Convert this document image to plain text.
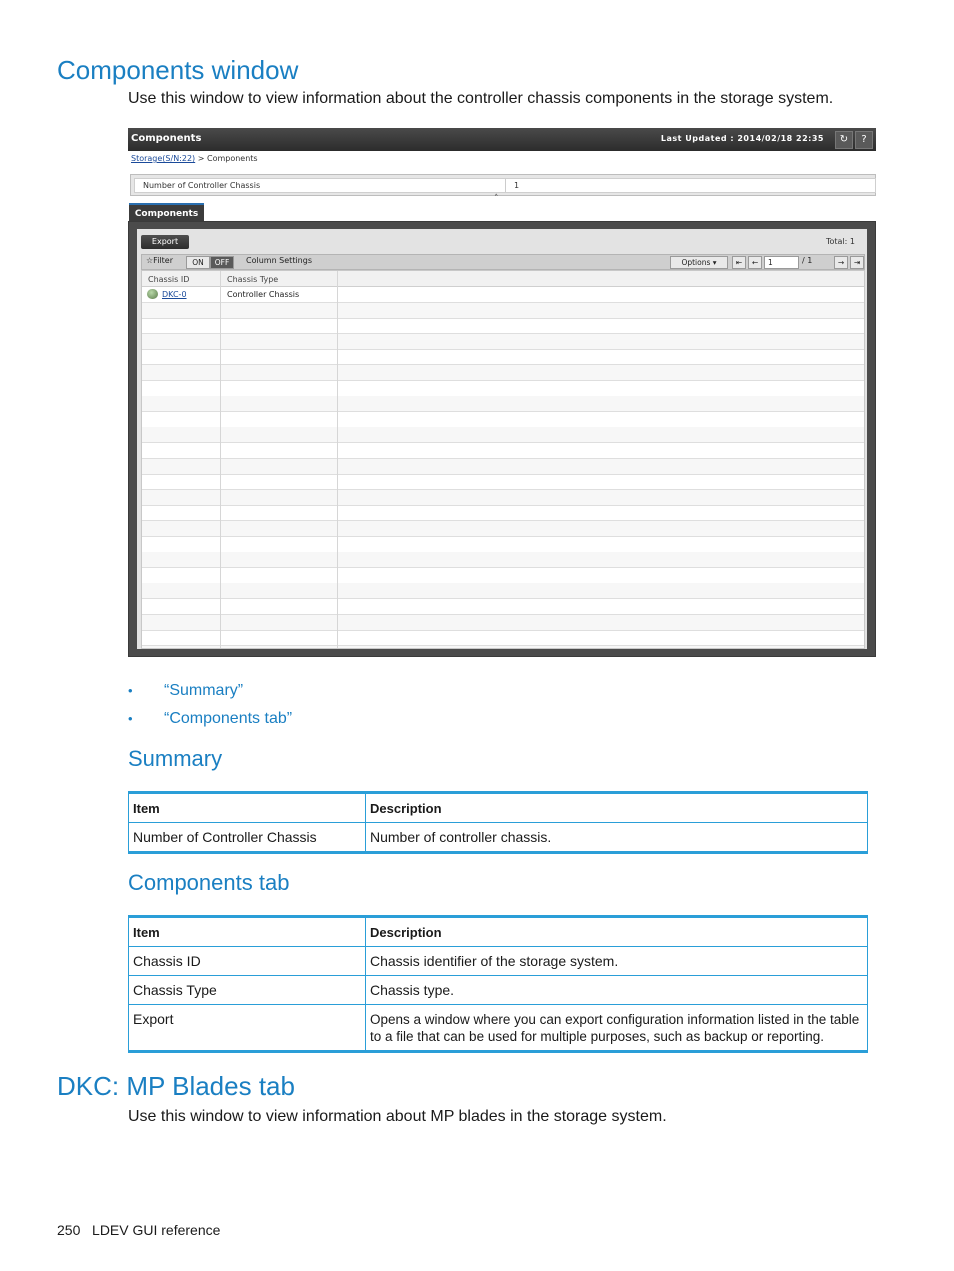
Components window
Use this window to view information about the controller chassis components in the storage system.
Components	Last Updated : 2014/02/18 22:35	↻	?
Storage(S/N:22) > Components
Number of Controller Chassis	1
˄
Components
Export	Total: 1
☆Filter	ON	OFF	Column Settings	Options ▾	⇤	←	1	/ 1	→	⇥
Chassis ID	Chassis Type
DKC-0	Controller Chassis
• “Summary”
• “Components tab”
Summary
Item	Description
Number of Controller Chassis	Number of controller chassis.
Components tab
Item	Description
Chassis ID	Chassis identifier of the storage system.
Chassis Type	Chassis type.
Export	Opens a window where you can export configuration information listed in the table to a file that can be used for multiple purposes, such as backup or reporting.
DKC: MP Blades tab
Use this window to view information about MP blades in the storage system.
250 LDEV GUI reference
